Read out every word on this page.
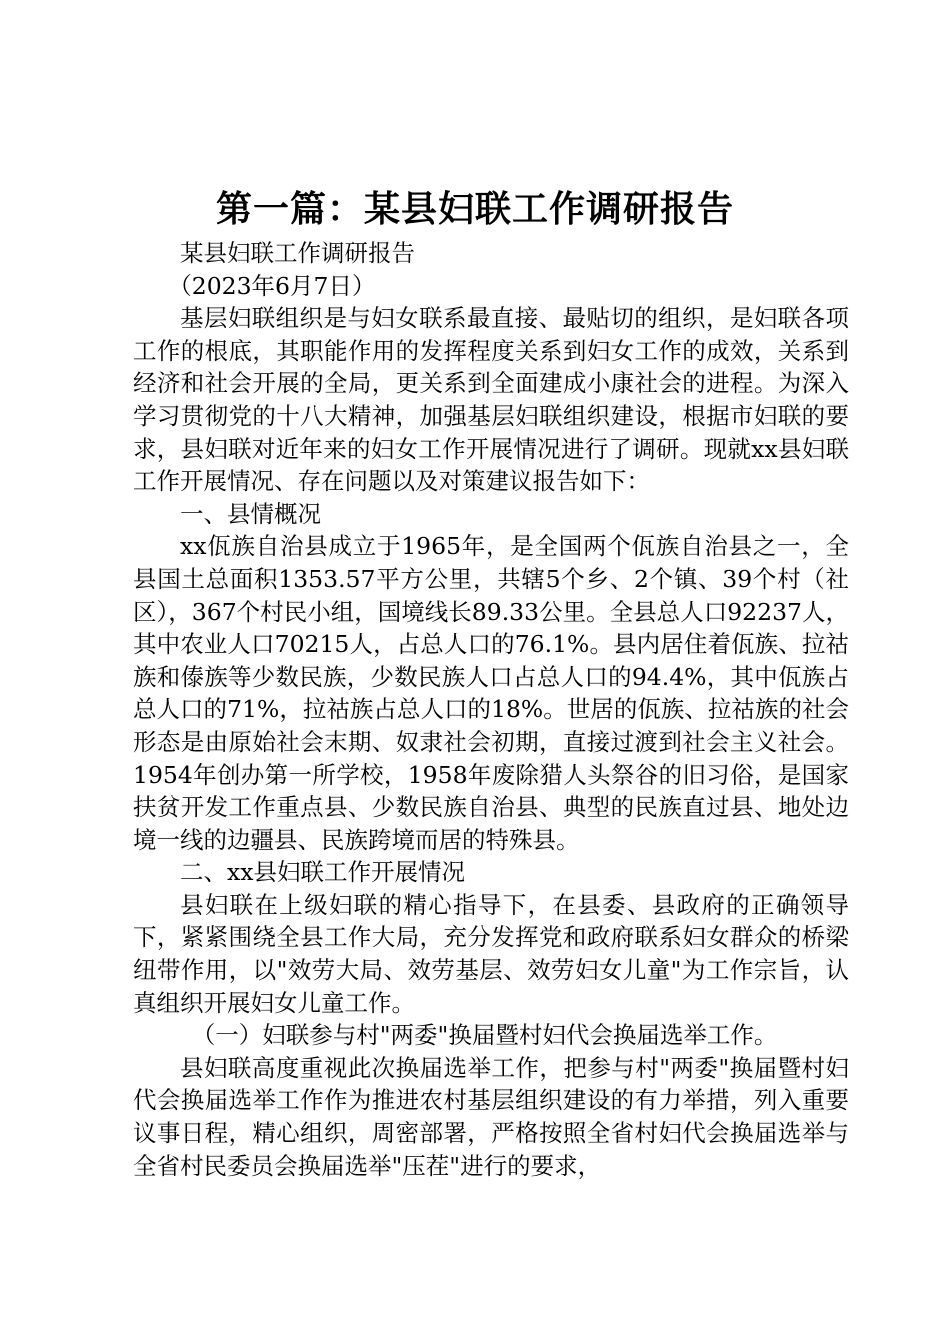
第一篇：某县妇联工作调研报告

某县妇联工作调研报告

（2023年6月7日）

基层妇联组织是与妇女联系最直接、最贴切的组织，是妇联各项工作的根底，其职能作用的发挥程度关系到妇女工作的成效，关系到经济和社会开展的全局，更关系到全面建成小康社会的进程。为深入学习贯彻党的十八大精神，加强基层妇联组织建设，根据市妇联的要求，县妇联对近年来的妇女工作开展情况进行了调研。现就xx县妇联工作开展情况、存在问题以及对策建议报告如下：

一、县情概况

xx佤族自治县成立于1965年，是全国两个佤族自治县之一，全县国土总面积1353.57平方公里，共辖5个乡、2个镇、39个村（社区），367个村民小组，国境线长89.33公里。全县总人口92237人，其中农业人口70215人，占总人口的76.1%。县内居住着佤族、拉祜族和傣族等少数民族，少数民族人口占总人口的94.4%，其中佤族占总人口的71%，拉祜族占总人口的18%。世居的佤族、拉祜族的社会形态是由原始社会末期、奴隶社会初期，直接过渡到社会主义社会。1954年创办第一所学校，1958年废除猎人头祭谷的旧习俗，是国家扶贫开发工作重点县、少数民族自治县、典型的民族直过县、地处边境一线的边疆县、民族跨境而居的特殊县。

二、xx县妇联工作开展情况

县妇联在上级妇联的精心指导下，在县委、县政府的正确领导下，紧紧围绕全县工作大局，充分发挥党和政府联系妇女群众的桥梁纽带作用，以"效劳大局、效劳基层、效劳妇女儿童"为工作宗旨，认真组织开展妇女儿童工作。

（一）妇联参与村"两委"换届暨村妇代会换届选举工作。

县妇联高度重视此次换届选举工作，把参与村"两委"换届暨村妇代会换届选举工作作为推进农村基层组织建设的有力举措，列入重要议事日程，精心组织，周密部署，严格按照全省村妇代会换届选举与全省村民委员会换届选举"压茬"进行的要求，
